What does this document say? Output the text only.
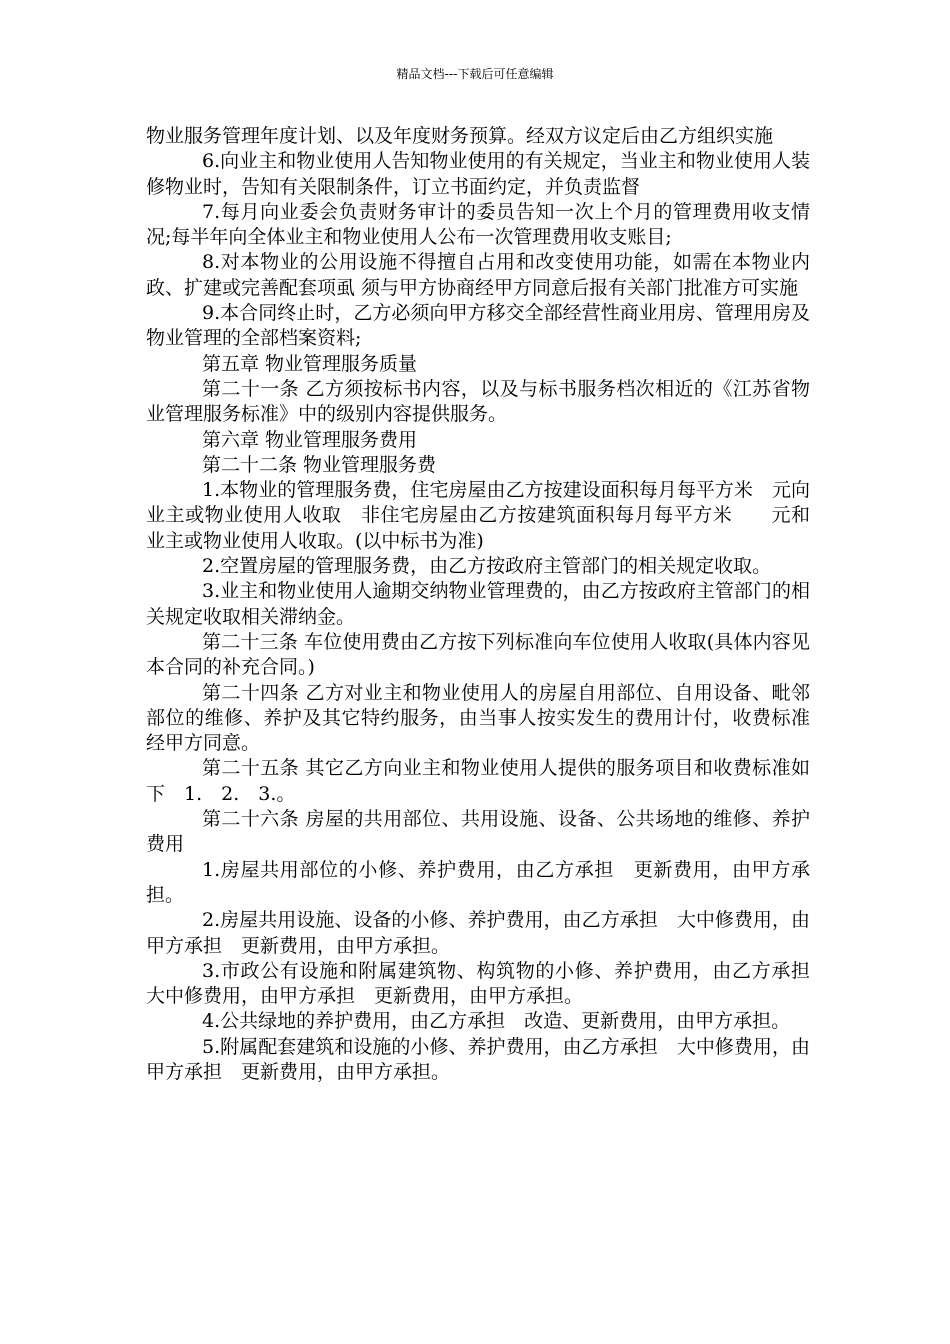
精品文档---下载后可任意编辑

物业服务管理年度计划、以及年度财务预算。经双方议定后由乙方组织实施

6.向业主和物业使用人告知物业使用的有关规定，当业主和物业使用人装修物业时，告知有关限制条件，订立书面约定，并负责监督

7.每月向业委会负责财务审计的委员告知一次上个月的管理费用收支情况;每半年向全体业主和物业使用人公布一次管理费用收支账目;

8.对本物业的公用设施不得擅自占用和改变使用功能，如需在本物业内政、扩建或完善配套项虱 须与甲方协商经甲方同意后报有关部门批准方可实施

9.本合同终止时，乙方必须向甲方移交全部经营性商业用房、管理用房及物业管理的全部档案资料;

第五章 物业管理服务质量

第二十一条 乙方须按标书内容，以及与标书服务档次相近的《江苏省物业管理服务标准》中的级别内容提供服务。

第六章 物业管理服务费用

第二十二条 物业管理服务费

1.本物业的管理服务费，住宅房屋由乙方按建设面积每月每平方米　元向业主或物业使用人收取　非住宅房屋由乙方按建筑面积每月每平方米　　元和业主或物业使用人收取。(以中标书为准)

2.空置房屋的管理服务费，由乙方按政府主管部门的相关规定收取。

3.业主和物业使用人逾期交纳物业管理费的，由乙方按政府主管部门的相关规定收取相关滞纳金。

第二十三条 车位使用费由乙方按下列标准向车位使用人收取(具体内容见本合同的补充合同。)

第二十四条 乙方对业主和物业使用人的房屋自用部位、自用设备、毗邻部位的维修、养护及其它特约服务，由当事人按实发生的费用计付，收费标准经甲方同意。

第二十五条 其它乙方向业主和物业使用人提供的服务项目和收费标准如下　1.　2.　3.。

第二十六条 房屋的共用部位、共用设施、设备、公共场地的维修、养护费用

1.房屋共用部位的小修、养护费用，由乙方承担　更新费用，由甲方承担。

2.房屋共用设施、设备的小修、养护费用，由乙方承担　大中修费用，由甲方承担　更新费用，由甲方承担。

3.市政公有设施和附属建筑物、构筑物的小修、养护费用，由乙方承担　大中修费用，由甲方承担　更新费用，由甲方承担。

4.公共绿地的养护费用，由乙方承担　改造、更新费用，由甲方承担。

5.附属配套建筑和设施的小修、养护费用，由乙方承担　大中修费用，由甲方承担　更新费用，由甲方承担。
